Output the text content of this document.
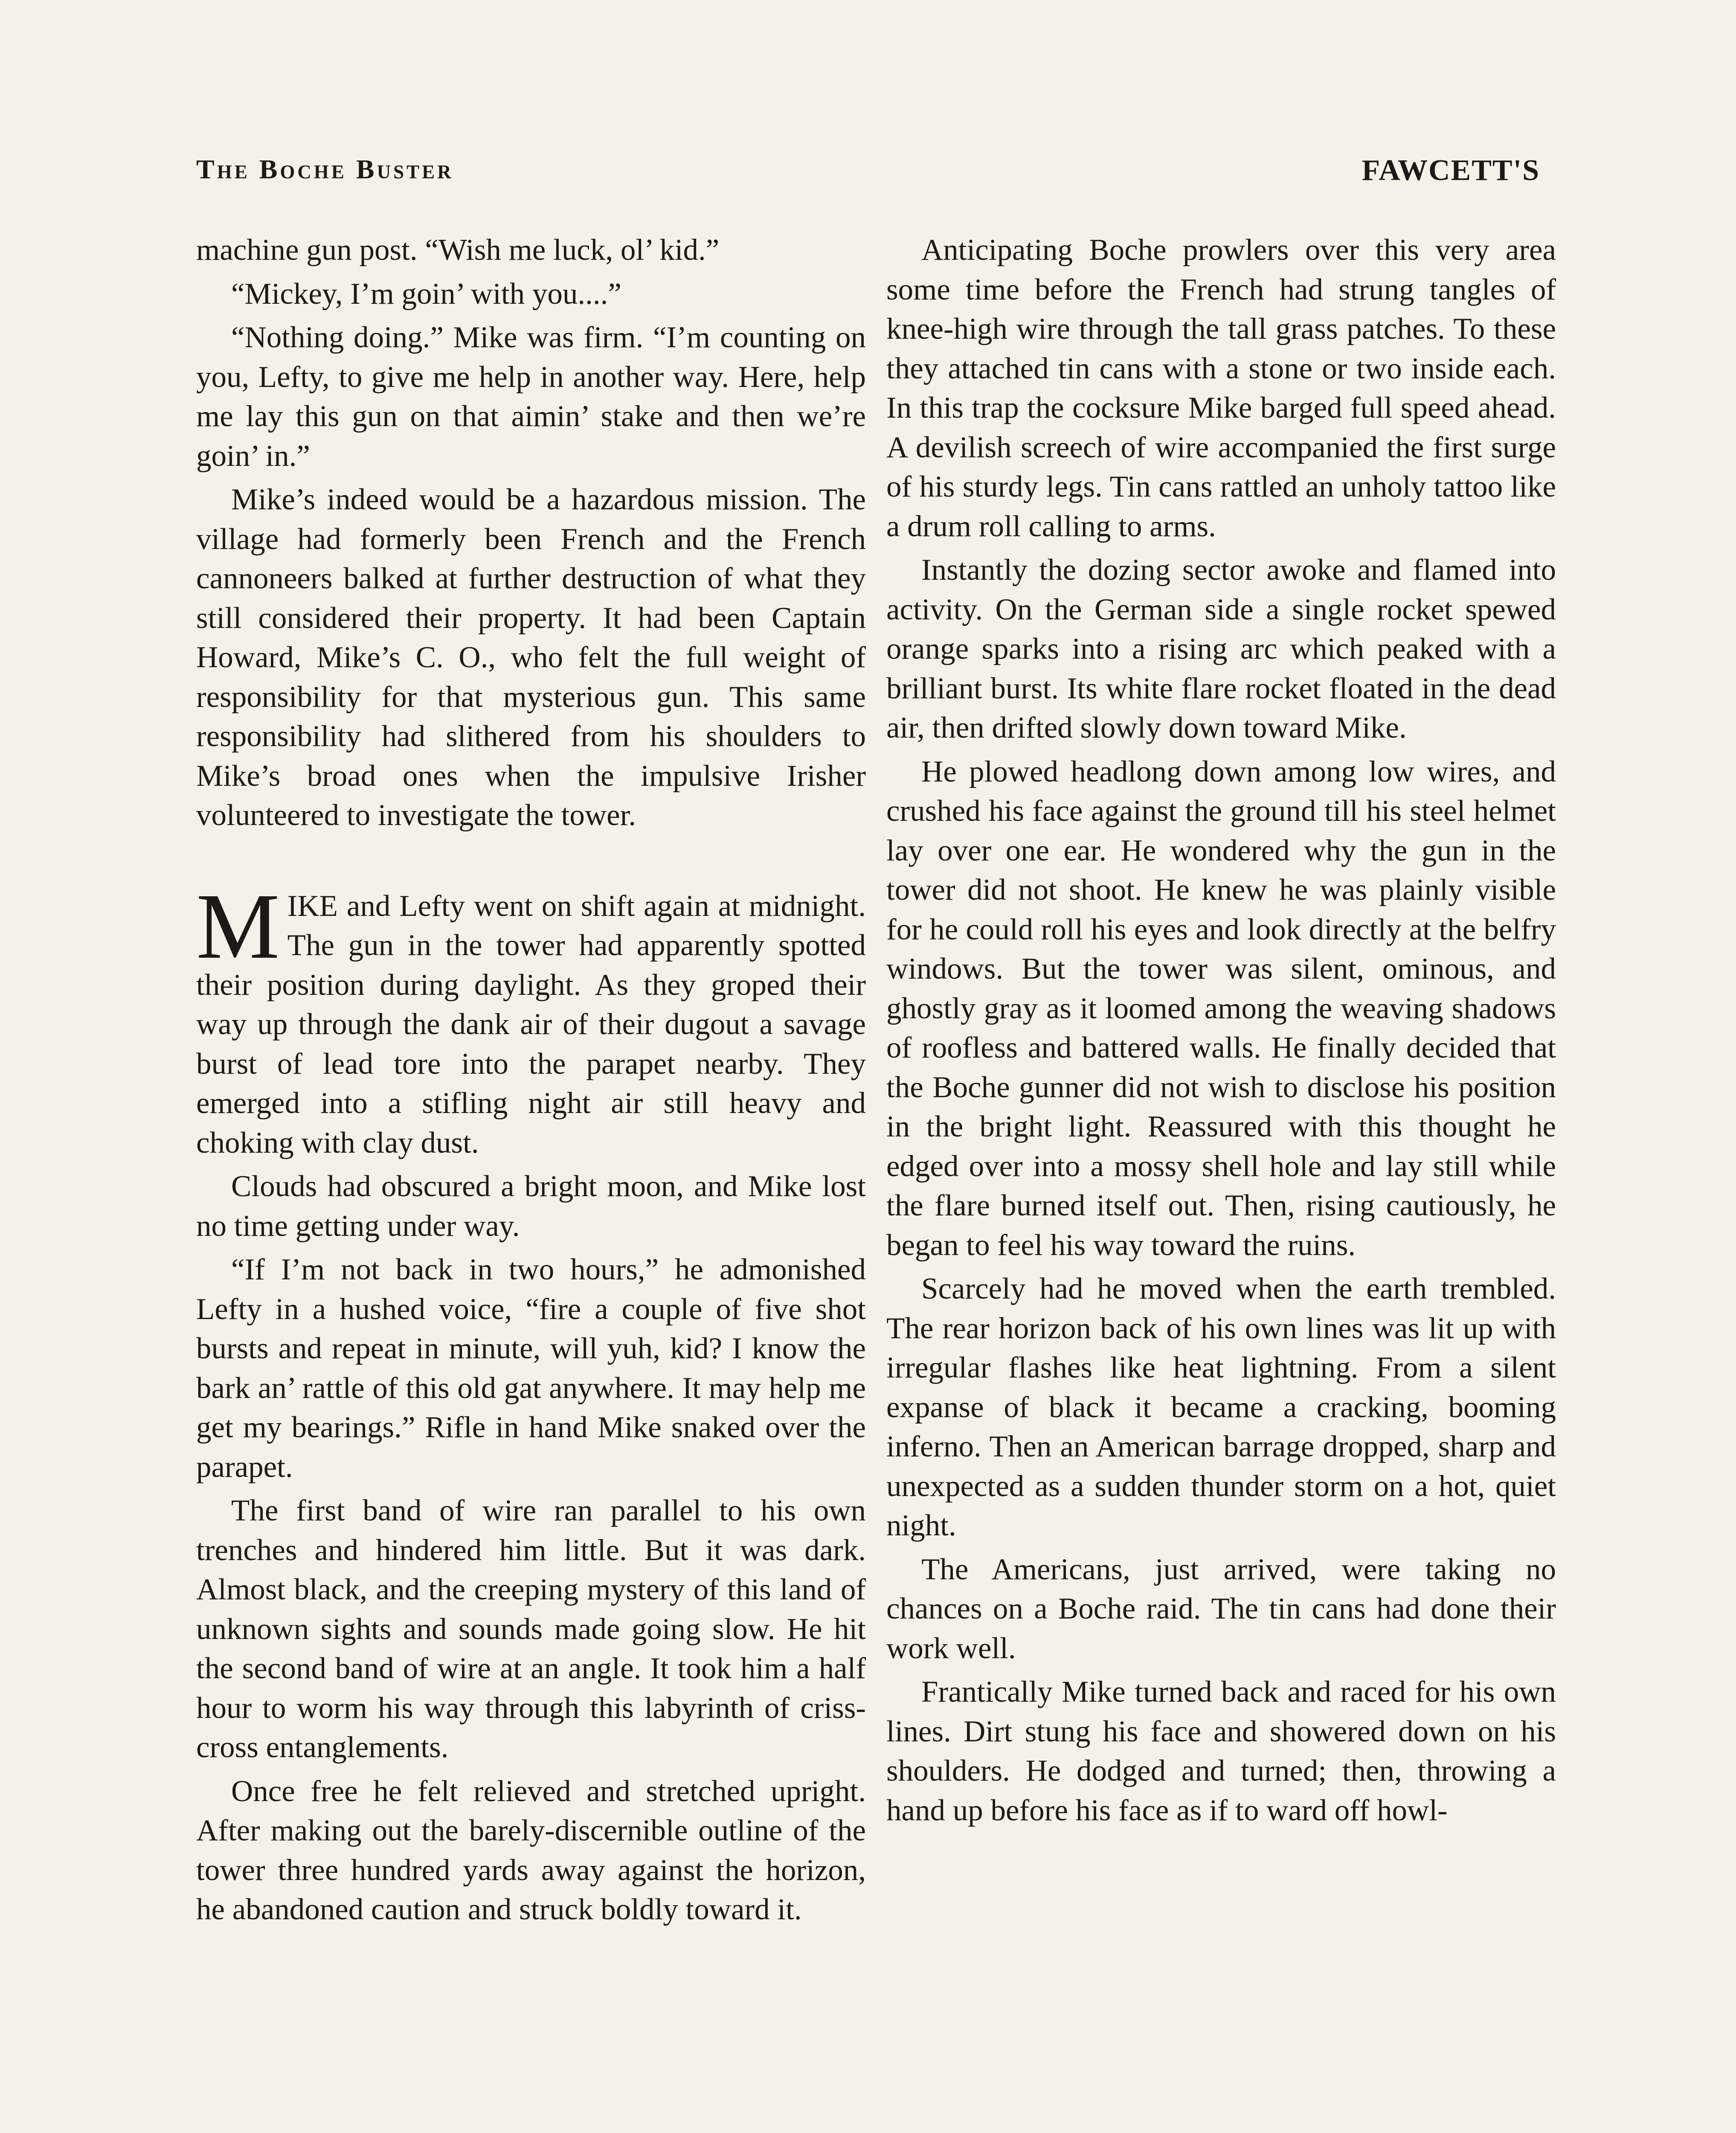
The Boche Buster	FAWCETT'S

machine gun post. “Wish me luck, ol’ kid.”

“Mickey, I’m goin’ with you....”

“Nothing doing.” Mike was firm. “I’m counting on you, Lefty, to give me help in another way. Here, help me lay this gun on that aimin’ stake and then we’re goin’ in.”

Mike’s indeed would be a hazardous mission. The village had formerly been French and the French cannoneers balked at further destruction of what they still considered their property. It had been Captain Howard, Mike’s C. O., who felt the full weight of responsibility for that mysterious gun. This same responsibility had slithered from his shoulders to Mike’s broad ones when the impulsive Irisher volunteered to investigate the tower.

MIKE and Lefty went on shift again at midnight. The gun in the tower had apparently spotted their position during daylight. As they groped their way up through the dank air of their dugout a savage burst of lead tore into the parapet nearby. They emerged into a stifling night air still heavy and choking with clay dust.

Clouds had obscured a bright moon, and Mike lost no time getting under way.

“If I’m not back in two hours,” he admonished Lefty in a hushed voice, “fire a couple of five shot bursts and repeat in minute, will yuh, kid? I know the bark an’ rattle of this old gat anywhere. It may help me get my bearings.” Rifle in hand Mike snaked over the parapet.

The first band of wire ran parallel to his own trenches and hindered him little. But it was dark. Almost black, and the creeping mystery of this land of unknown sights and sounds made going slow. He hit the second band of wire at an angle. It took him a half hour to worm his way through this labyrinth of criss-cross entanglements.

Once free he felt relieved and stretched upright. After making out the barely-discernible outline of the tower three hundred yards away against the horizon, he abandoned caution and struck boldly toward it.

Anticipating Boche prowlers over this very area some time before the French had strung tangles of knee-high wire through the tall grass patches. To these they attached tin cans with a stone or two inside each. In this trap the cocksure Mike barged full speed ahead. A devilish screech of wire accompanied the first surge of his sturdy legs. Tin cans rattled an unholy tattoo like a drum roll calling to arms.

Instantly the dozing sector awoke and flamed into activity. On the German side a single rocket spewed orange sparks into a rising arc which peaked with a brilliant burst. Its white flare rocket floated in the dead air, then drifted slowly down toward Mike.

He plowed headlong down among low wires, and crushed his face against the ground till his steel helmet lay over one ear. He wondered why the gun in the tower did not shoot. He knew he was plainly visible for he could roll his eyes and look directly at the belfry windows. But the tower was silent, ominous, and ghostly gray as it loomed among the weaving shadows of roofless and battered walls. He finally decided that the Boche gunner did not wish to disclose his position in the bright light. Reassured with this thought he edged over into a mossy shell hole and lay still while the flare burned itself out. Then, rising cautiously, he began to feel his way toward the ruins.

Scarcely had he moved when the earth trembled. The rear horizon back of his own lines was lit up with irregular flashes like heat lightning. From a silent expanse of black it became a cracking, booming inferno. Then an American barrage dropped, sharp and unexpected as a sudden thunder storm on a hot, quiet night.

The Americans, just arrived, were taking no chances on a Boche raid. The tin cans had done their work well.

Frantically Mike turned back and raced for his own lines. Dirt stung his face and showered down on his shoulders. He dodged and turned; then, throwing a hand up before his face as if to ward off howl-
